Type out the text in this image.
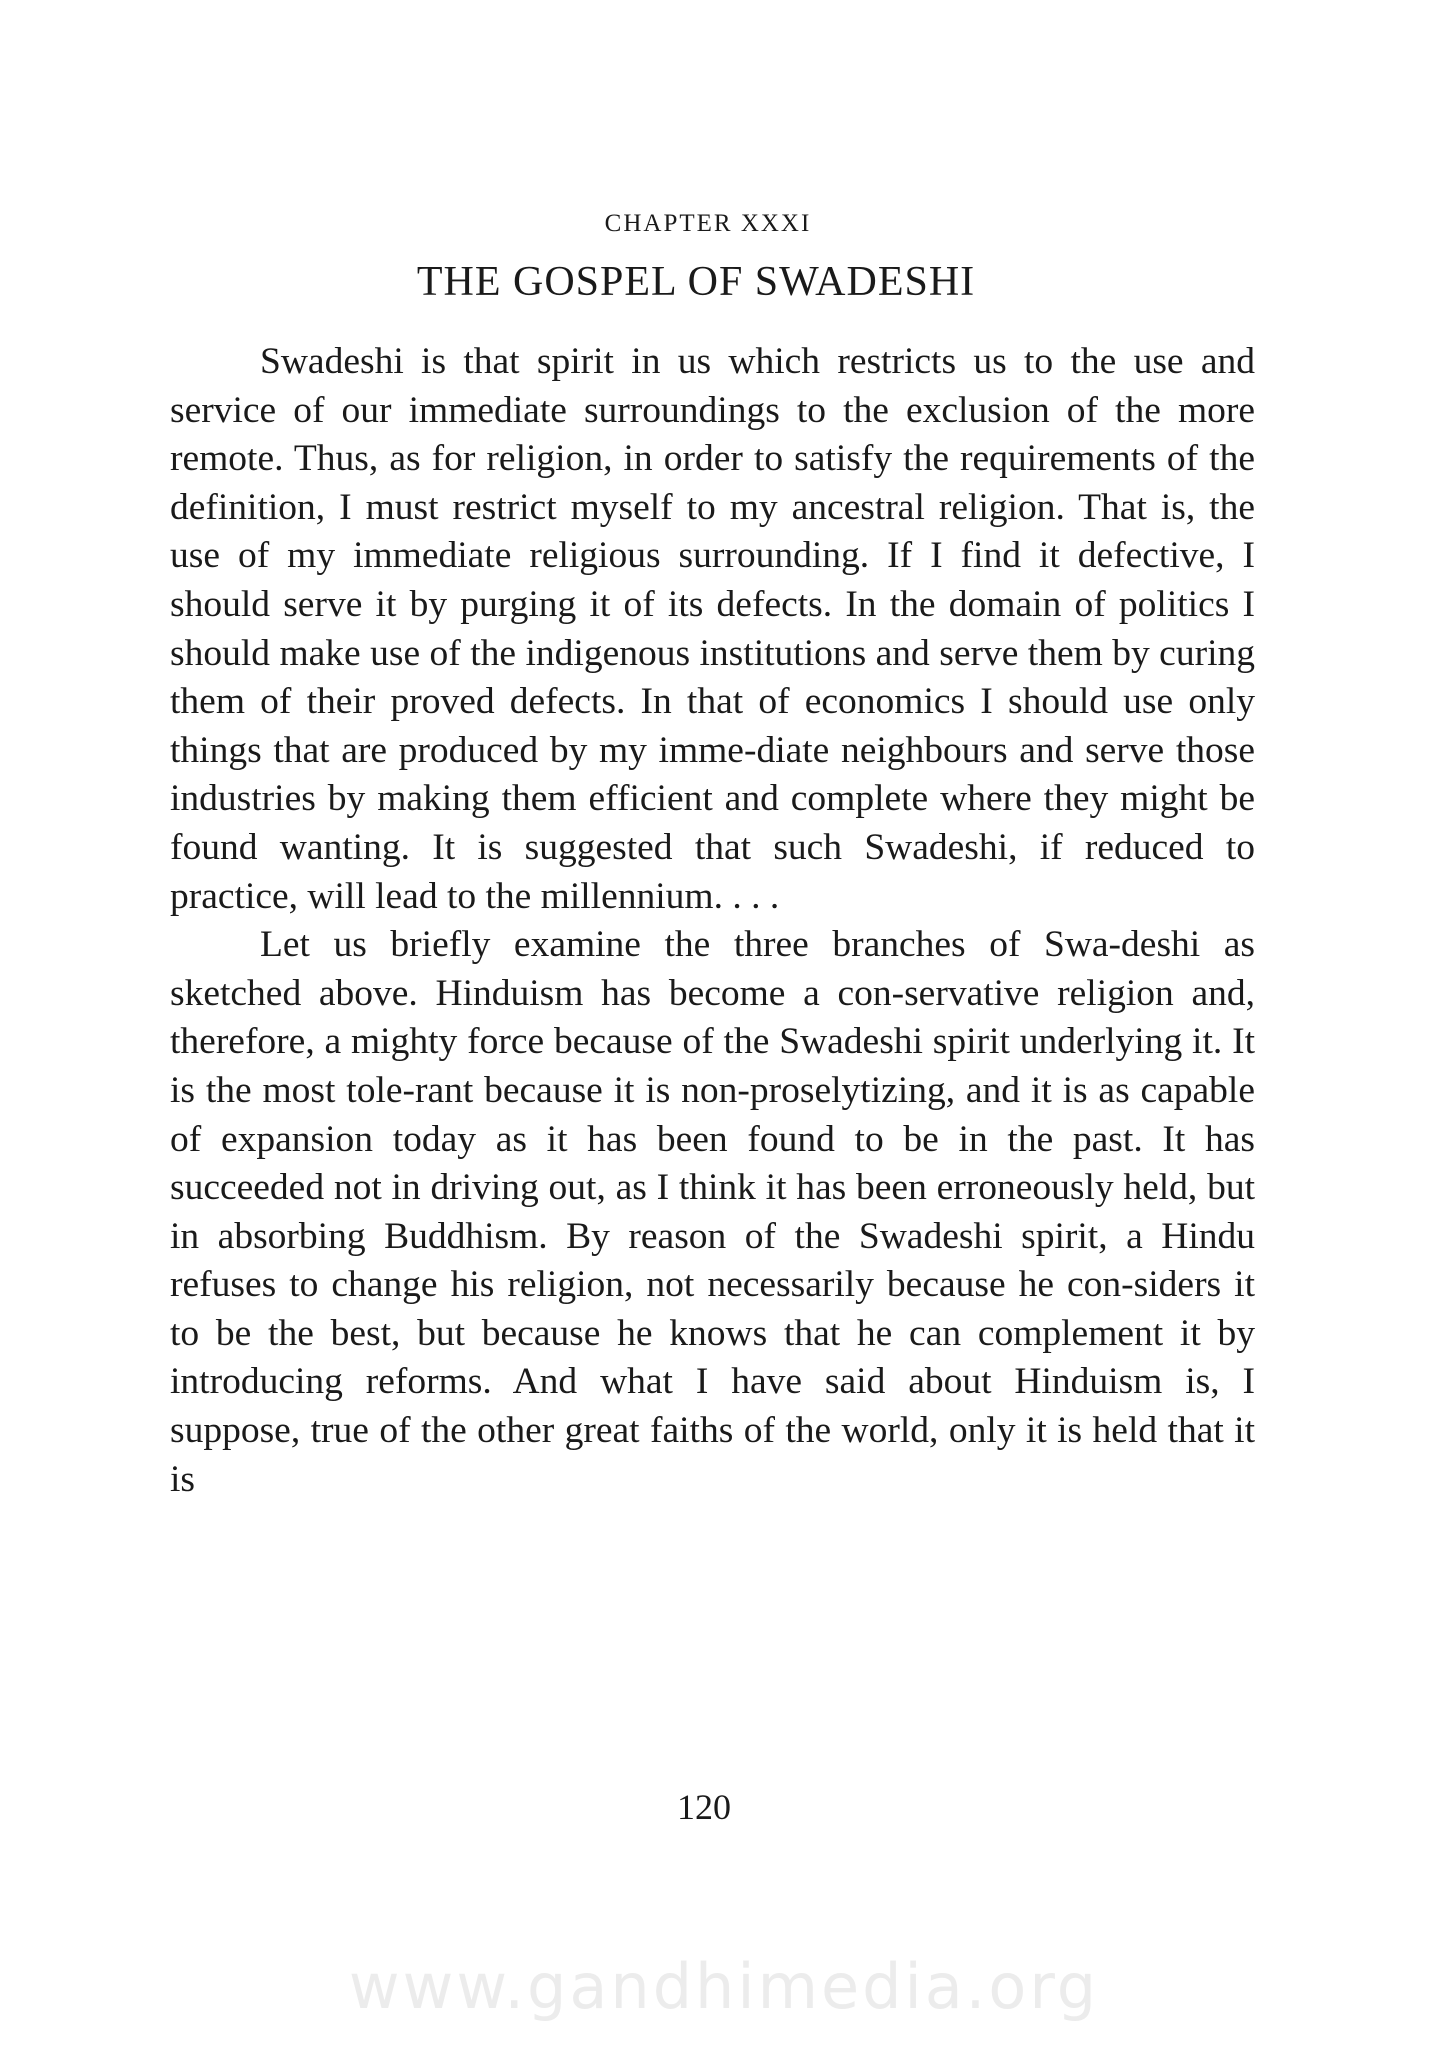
CHAPTER XXXI
THE GOSPEL OF SWADESHI

Swadeshi is that spirit in us which restricts us to the use and service of our immediate surroundings to the exclusion of the more remote. Thus, as for religion, in order to satisfy the requirements of the definition, I must restrict myself to my ancestral religion. That is, the use of my immediate religious surrounding. If I find it defective, I should serve it by purging it of its defects. In the domain of politics I should make use of the indigenous institutions and serve them by curing them of their proved defects. In that of economics I should use only things that are produced by my imme-diate neighbours and serve those industries by making them efficient and complete where they might be found wanting. It is suggested that such Swadeshi, if reduced to practice, will lead to the millennium. . . .

Let us briefly examine the three branches of Swa-deshi as sketched above. Hinduism has become a con-servative religion and, therefore, a mighty force because of the Swadeshi spirit underlying it. It is the most tole-rant because it is non-proselytizing, and it is as capable of expansion today as it has been found to be in the past. It has succeeded not in driving out, as I think it has been erroneously held, but in absorbing Buddhism. By reason of the Swadeshi spirit, a Hindu refuses to change his religion, not necessarily because he con-siders it to be the best, but because he knows that he can complement it by introducing reforms. And what I have said about Hinduism is, I suppose, true of the other great faiths of the world, only it is held that it is

120
www.gandhimedia.org
